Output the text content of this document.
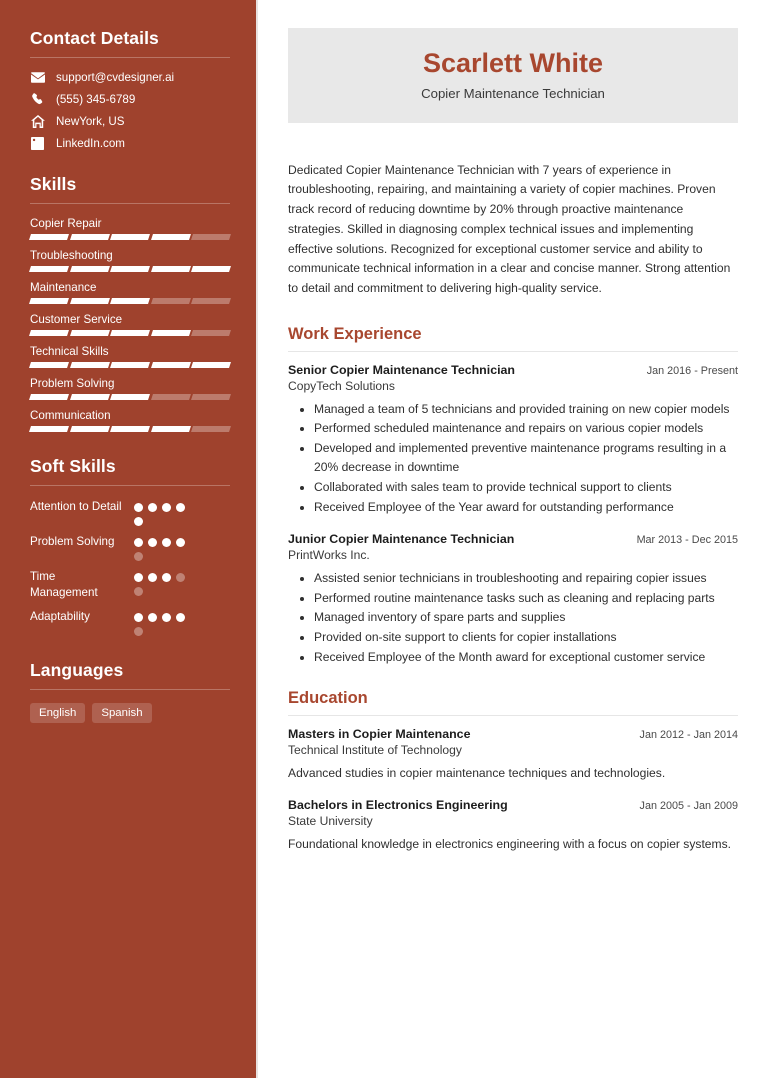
Contact Details
support@cvdesigner.ai
(555) 345-6789
NewYork, US
LinkedIn.com
Skills
Copier Repair
Troubleshooting
Maintenance
Customer Service
Technical Skills
Problem Solving
Communication
Soft Skills
Attention to Detail
Problem Solving
Time Management
Adaptability
Languages
English	Spanish
Scarlett White
Copier Maintenance Technician

Dedicated Copier Maintenance Technician with 7 years of experience in troubleshooting, repairing, and maintaining a variety of copier machines. Proven track record of reducing downtime by 20% through proactive maintenance strategies. Skilled in diagnosing complex technical issues and implementing effective solutions. Recognized for exceptional customer service and ability to communicate technical information in a clear and concise manner. Strong attention to detail and commitment to delivering high-quality service.

Work Experience
Senior Copier Maintenance Technician	Jan 2016 - Present
CopyTech Solutions
• Managed a team of 5 technicians and provided training on new copier models
• Performed scheduled maintenance and repairs on various copier models
• Developed and implemented preventive maintenance programs resulting in a 20% decrease in downtime
• Collaborated with sales team to provide technical support to clients
• Received Employee of the Year award for outstanding performance
Junior Copier Maintenance Technician	Mar 2013 - Dec 2015
PrintWorks Inc.
• Assisted senior technicians in troubleshooting and repairing copier issues
• Performed routine maintenance tasks such as cleaning and replacing parts
• Managed inventory of spare parts and supplies
• Provided on-site support to clients for copier installations
• Received Employee of the Month award for exceptional customer service
Education
Masters in Copier Maintenance	Jan 2012 - Jan 2014
Technical Institute of Technology
Advanced studies in copier maintenance techniques and technologies.
Bachelors in Electronics Engineering	Jan 2005 - Jan 2009
State University
Foundational knowledge in electronics engineering with a focus on copier systems.
